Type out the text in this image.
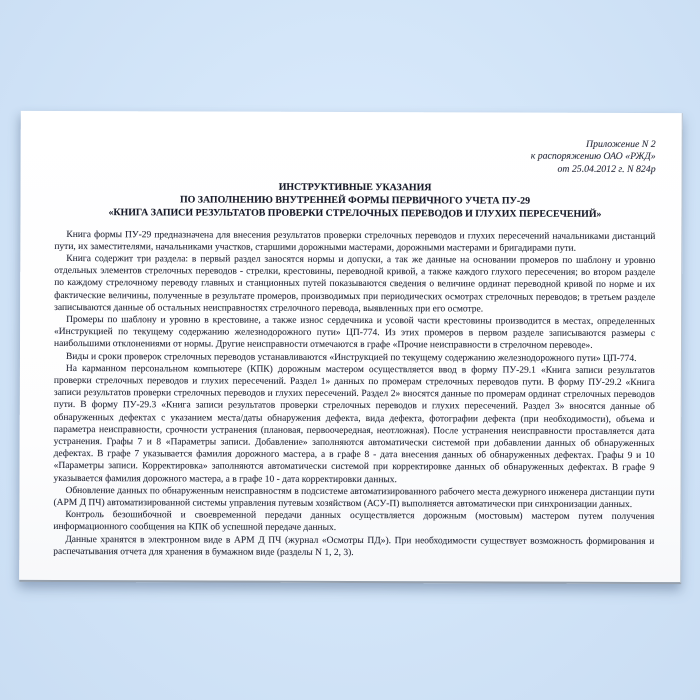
Приложение N 2
к распоряжению ОАО «РЖД»
от 25.04.2012 г. N 824р
ИНСТРУКТИВНЫЕ УКАЗАНИЯ
ПО ЗАПОЛНЕНИЮ ВНУТРЕННЕЙ ФОРМЫ ПЕРВИЧНОГО УЧЕТА ПУ-29
«КНИГА ЗАПИСИ РЕЗУЛЬТАТОВ ПРОВЕРКИ СТРЕЛОЧНЫХ ПЕРЕВОДОВ И ГЛУХИХ ПЕРЕСЕЧЕНИЙ»

Книга формы ПУ-29 предназначена для внесения результатов проверки стрелочных переводов и глухих пересечений начальниками дистанций пути, их заместителями, начальниками участков, старшими дорожными мастерами, дорожными мастерами и бригадирами пути.

Книга содержит три раздела: в первый раздел заносятся нормы и допуски, а так же данные на основании промеров по шаблону и уровню отдельных элементов стрелочных переводов - стрелки, крестовины, переводной кривой, а также каждого глухого пересечения; во втором разделе по каждому стрелочному переводу главных и станционных путей показываются сведения о величине ординат переводной кривой по норме и их фактические величины, полученные в результате промеров, производимых при периодических осмотрах стрелочных переводов; в третьем разделе записываются данные об остальных неисправностях стрелочного перевода, выявленных при его осмотре.

Промеры по шаблону и уровню в крестовине, а также износ сердечника и усовой части крестовины производится в местах, определенных «Инструкцией по текущему содержанию железнодорожного пути» ЦП-774. Из этих промеров в первом разделе записываются размеры с наибольшими отклонениями от нормы. Другие неисправности отмечаются в графе «Прочие неисправности в стрелочном переводе».

Виды и сроки проверок стрелочных переводов устанавливаются «Инструкцией по текущему содержанию железнодорожного пути» ЦП-774.

На карманном персональном компьютере (КПК) дорожным мастером осуществляется ввод в форму ПУ-29.1 «Книга записи результатов проверки стрелочных переводов и глухих пересечений. Раздел 1» данных по промерам стрелочных переводов пути. В форму ПУ-29.2 «Книга записи результатов проверки стрелочных переводов и глухих пересечений. Раздел 2» вносятся данные по промерам ординат стрелочных переводов пути. В форму ПУ-29.3 «Книга записи результатов проверки стрелочных переводов и глухих пересечений. Раздел 3» вносятся данные об обнаруженных дефектах с указанием места/даты обнаружения дефекта, вида дефекта, фотографии дефекта (при необходимости), объема и параметра неисправности, срочности устранения (плановая, первоочередная, неотложная). После устранения неисправности проставляется дата устранения. Графы 7 и 8 «Параметры записи. Добавление» заполняются автоматически системой при добавлении данных об обнаруженных дефектах. В графе 7 указывается фамилия дорожного мастера, а в графе 8 - дата внесения данных об обнаруженных дефектах. Графы 9 и 10 «Параметры записи. Корректировка» заполняются автоматически системой при корректировке данных об обнаруженных дефектах. В графе 9 указывается фамилия дорожного мастера, а в графе 10 - дата корректировки данных.

Обновление данных по обнаруженным неисправностям в подсистеме автоматизированного рабочего места дежурного инженера дистанции пути (АРМ Д ПЧ) автоматизированной системы управления путевым хозяйством (АСУ-П) выполняется автоматически при синхронизации данных.

Контроль безошибочной и своевременной передачи данных осуществляется дорожным (мостовым) мастером путем получения информационного сообщения на КПК об успешной передаче данных.

Данные хранятся в электронном виде в АРМ Д ПЧ (журнал «Осмотры ПД»). При необходимости существует возможность формирования и распечатывания отчета для хранения в бумажном виде (разделы N 1, 2, 3).
